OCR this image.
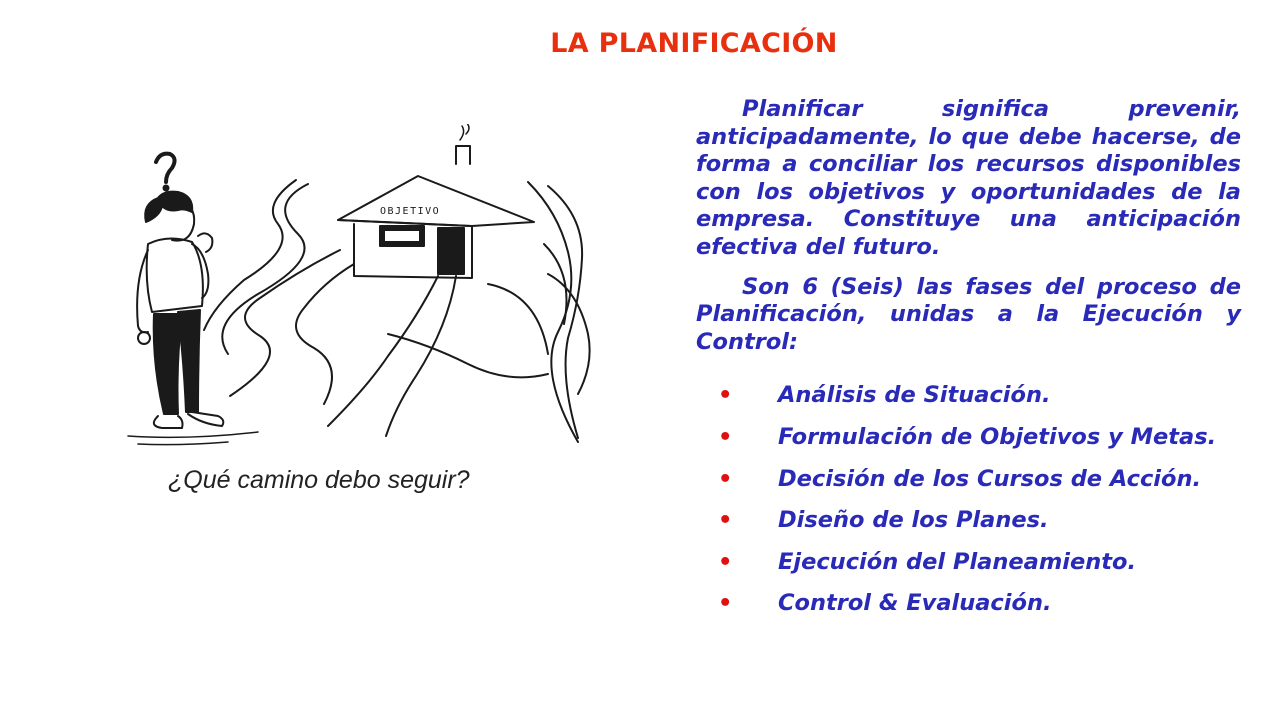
LA PLANIFICACIÓN
OBJETIVO
¿Qué camino debo seguir?

Planificar significa prevenir, anticipadamente, lo que debe hacerse, de forma a conciliar los recursos disponibles con los objetivos y oportunidades de la empresa. Constituye una anticipación efectiva del futuro.

Son 6 (Seis) las fases del proceso de Planificación, unidas a la Ejecución y Control:

• Análisis de Situación.
• Formulación de Objetivos y Metas.
• Decisión de los Cursos de Acción.
• Diseño de los Planes.
• Ejecución del Planeamiento.
• Control & Evaluación.
